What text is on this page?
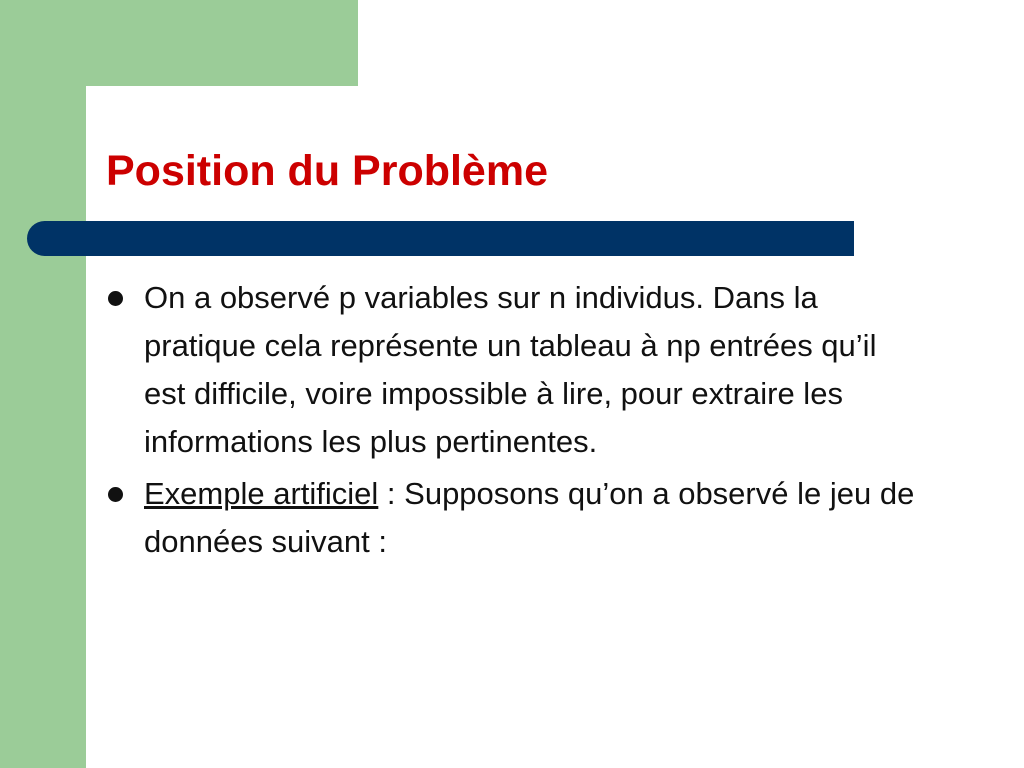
Position du Problème
On a observé p variables sur n individus. Dans la pratique cela représente un tableau à np entrées qu’il est difficile, voire impossible à lire, pour extraire les informations les plus pertinentes.
Exemple artificiel : Supposons qu’on a observé le jeu de données suivant :
